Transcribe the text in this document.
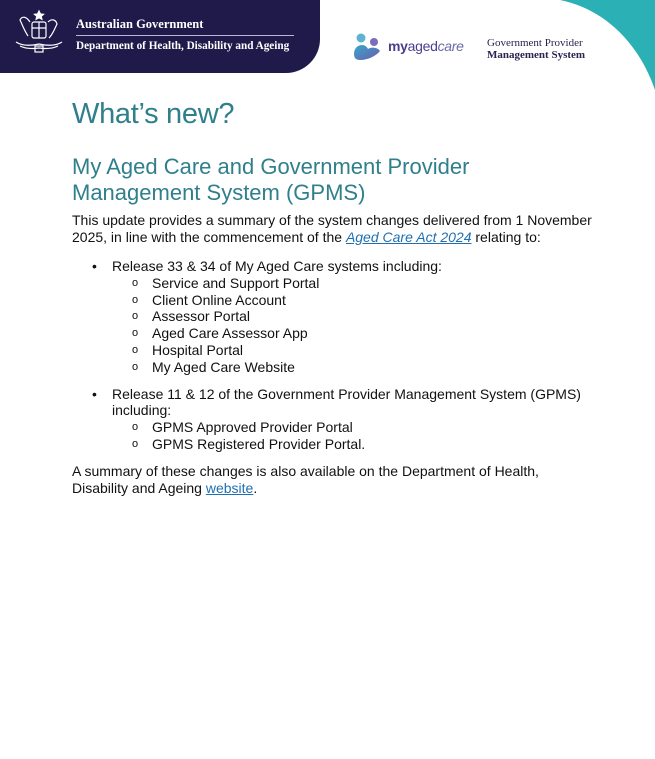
Australian Government
Department of Health, Disability and Ageing	myagedcare Government Provider
Management System
What’s new?
My Aged Care and Government Provider Management System (GPMS)

This update provides a summary of the system changes delivered from 1 November 2025, in line with the commencement of the Aged Care Act 2024 relating to:

• Release 33 & 34 of My Aged Care systems including:
o Service and Support Portal
o Client Online Account
o Assessor Portal
o Aged Care Assessor App
o Hospital Portal
o My Aged Care Website
• Release 11 & 12 of the Government Provider Management System (GPMS) including:
o GPMS Approved Provider Portal
o GPMS Registered Provider Portal.

A summary of these changes is also available on the Department of Health, Disability and Ageing website.
